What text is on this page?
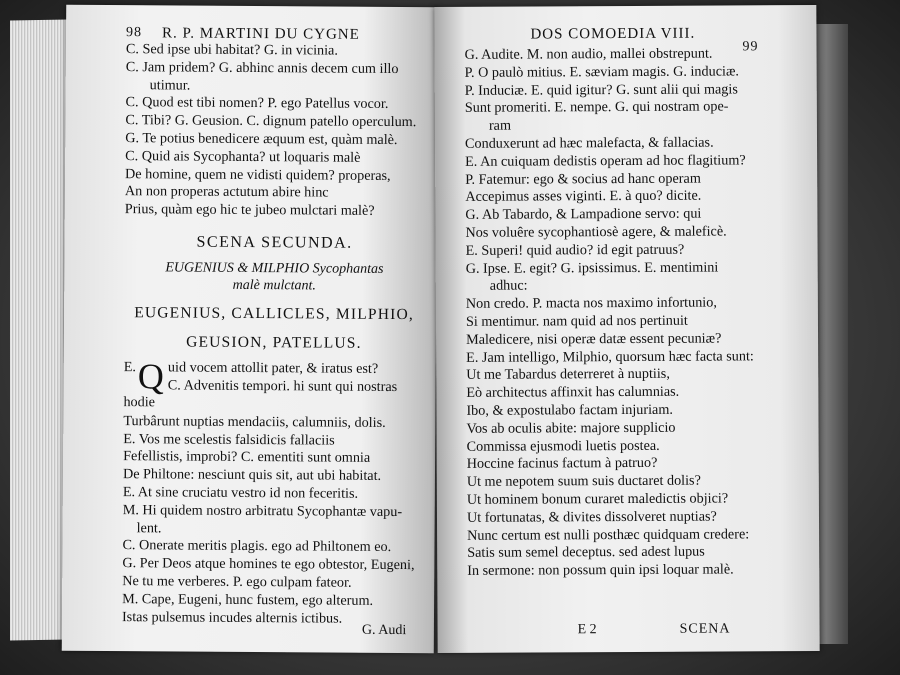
98 R. P. MARTINI DU CYGNE
C. Sed ipse ubi habitat? G. in vicinia.
C. Jam pridem? G. abhinc annis decem cum illo
utimur.
C. Quod est tibi nomen? P. ego Patellus vocor.
C. Tibi? G. Geusion. C. dignum patello operculum.
G. Te potius benedicere æquum est, quàm malè.
C. Quid ais Sycophanta? ut loquaris malè
De homine, quem ne vidisti quidem? properas,
An non properas actutum abire hinc
Prius, quàm ego hic te jubeo mulctari malè?
SCENA SECUNDA.
EUGENIUS & MILPHIO Sycophantas
malè mulctant.
EUGENIUS, CALLICLES, MILPHIO,
GEUSION, PATELLUS.
E. Q uid vocem attollit pater, & iratus est?
C. Advenitis tempori. hi sunt qui nostras
hodie
Turbârunt nuptias mendaciis, calumniis, dolis.
E. Vos me scelestis falsidicis fallaciis
Fefellistis, improbi? C. ementiti sunt omnia
De Philtone: nesciunt quis sit, aut ubi habitat.
E. At sine cruciatu vestro id non feceritis.
M. Hi quidem nostro arbitratu Sycophantæ vapu-
lent.
C. Onerate meritis plagis. ego ad Philtonem eo.
G. Per Deos atque homines te ego obtestor, Eugeni,
Ne tu me verberes. P. ego culpam fateor.
M. Cape, Eugeni, hunc fustem, ego alterum.
Istas pulsemus incudes alternis ictibus.
G. Audi
DOS COMOEDIA VIII.
99
G. Audite. M. non audio, mallei obstrepunt.
P. O paulò mitius. E. sæviam magis. G. induciæ.
P. Induciæ. E. quid igitur? G. sunt alii qui magis
Sunt promeriti. E. nempe. G. qui nostram ope-
ram
Conduxerunt ad hæc malefacta, & fallacias.
E. An cuiquam dedistis operam ad hoc flagitium?
P. Fatemur: ego & socius ad hanc operam
Accepimus asses viginti. E. à quo? dicite.
G. Ab Tabardo, & Lampadione servo: qui
Nos voluêre sycophantiosè agere, & maleficè.
E. Superi! quid audio? id egit patruus?
G. Ipse. E. egit? G. ipsissimus. E. mentimini
adhuc:
Non credo. P. macta nos maximo infortunio,
Si mentimur. nam quid ad nos pertinuit
Maledicere, nisi operæ datæ essent pecuniæ?
E. Jam intelligo, Milphio, quorsum hæc facta sunt:
Ut me Tabardus deterreret à nuptiis,
Eò architectus affinxit has calumnias.
Ibo, & expostulabo factam injuriam.
Vos ab oculis abite: majore supplicio
Commissa ejusmodi luetis postea.
Hoccine facinus factum à patruo?
Ut me nepotem suum suis ductaret dolis?
Ut hominem bonum curaret maledictis objici?
Ut fortunatas, & divites dissolveret nuptias?
Nunc certum est nulli posthæc quidquam credere:
Satis sum semel deceptus. sed adest lupus
In sermone: non possum quin ipsi loquar malè.
E 2	SCENA
